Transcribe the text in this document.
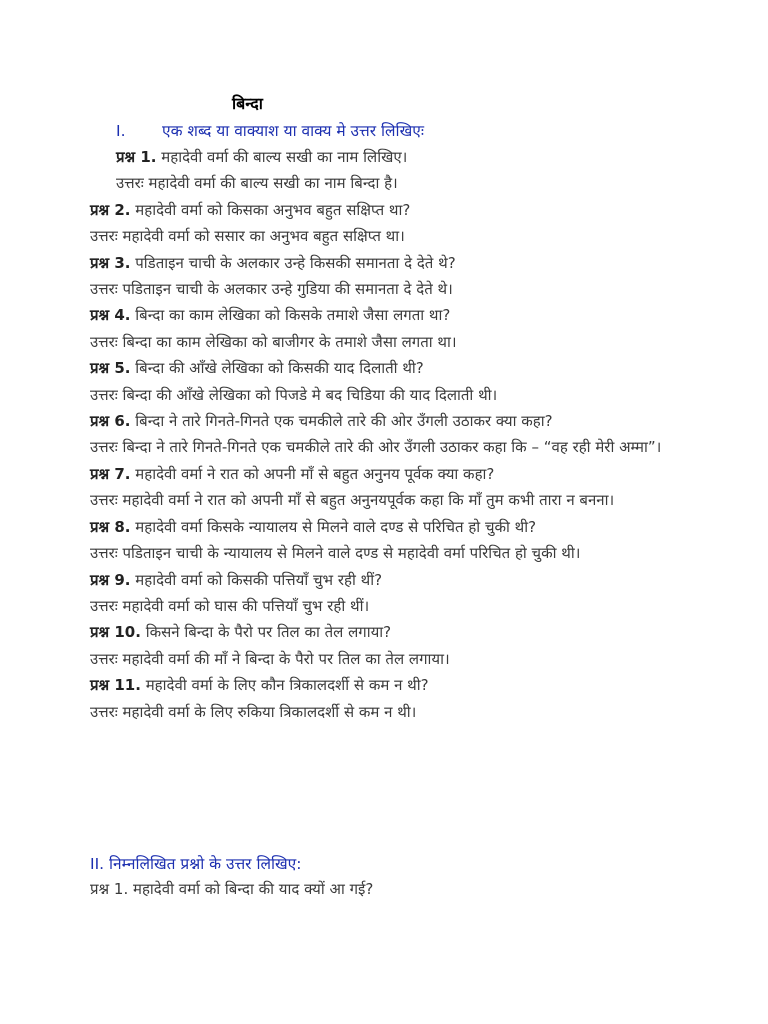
बिन्दा
I. एक शब्द या वाक्याश या वाक्य मे उत्तर लिखिएः
प्रश्न 1. महादेवी वर्मा की बाल्य सखी का नाम लिखिए।
उत्तरः महादेवी वर्मा की बाल्य सखी का नाम बिन्दा है।
प्रश्न 2. महादेवी वर्मा को किसका अनुभव बहुत सक्षिप्त था?
उत्तरः महादेवी वर्मा को ससार का अनुभव बहुत सक्षिप्त था।
प्रश्न 3. पडिताइन चाची के अलकार उन्हे किसकी समानता दे देते थे?
उत्तरः पडिताइन चाची के अलकार उन्हे गुडिया की समानता दे देते थे।
प्रश्न 4. बिन्दा का काम लेखिका को किसके तमाशे जैसा लगता था?
उत्तरः बिन्दा का काम लेखिका को बाजीगर के तमाशे जैसा लगता था।
प्रश्न 5. बिन्दा की आँखे लेखिका को किसकी याद दिलाती थी?
उत्तरः बिन्दा की आँखे लेखिका को पिजडे मे बद चिडिया की याद दिलाती थी।
प्रश्न 6. बिन्दा ने तारे गिनते-गिनते एक चमकीले तारे की ओर उँगली उठाकर क्या कहा?
उत्तरः बिन्दा ने तारे गिनते-गिनते एक चमकीले तारे की ओर उँगली उठाकर कहा कि – “वह रही मेरी अम्मा”।
प्रश्न 7. महादेवी वर्मा ने रात को अपनी माँ से बहुत अनुनय पूर्वक क्या कहा?
उत्तरः महादेवी वर्मा ने रात को अपनी माँ से बहुत अनुनयपूर्वक कहा कि माँ तुम कभी तारा न बनना।
प्रश्न 8. महादेवी वर्मा किसके न्यायालय से मिलने वाले दण्ड से परिचित हो चुकी थी?
उत्तरः पडिताइन चाची के न्यायालय से मिलने वाले दण्ड से महादेवी वर्मा परिचित हो चुकी थी।
प्रश्न 9. महादेवी वर्मा को किसकी पत्तियाँ चुभ रही थीं?
उत्तरः महादेवी वर्मा को घास की पत्तियाँ चुभ रही थीं।
प्रश्न 10. किसने बिन्दा के पैरो पर तिल का तेल लगाया?
उत्तरः महादेवी वर्मा की माँ ने बिन्दा के पैरो पर तिल का तेल लगाया।
प्रश्न 11. महादेवी वर्मा के लिए कौन त्रिकालदर्शी से कम न थी?
उत्तरः महादेवी वर्मा के लिए रुकिया त्रिकालदर्शी से कम न थी।
II. निम्नलिखित प्रश्नो के उत्तर लिखिए:
प्रश्न 1. महादेवी वर्मा को बिन्दा की याद क्यों आ गई?
